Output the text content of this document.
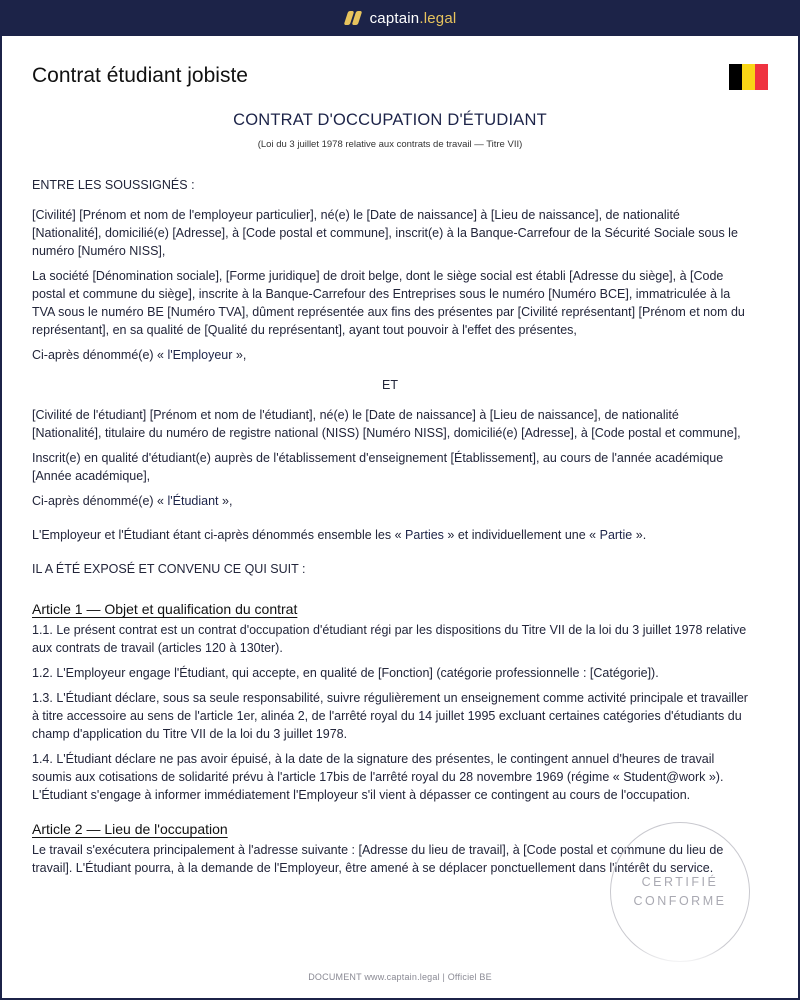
captain.legal
Contrat étudiant jobiste
CONTRAT D'OCCUPATION D'ÉTUDIANT
(Loi du 3 juillet 1978 relative aux contrats de travail — Titre VII)
ENTRE LES SOUSSIGNÉS :
[Civilité] [Prénom et nom de l'employeur particulier], né(e) le [Date de naissance] à [Lieu de naissance], de nationalité [Nationalité], domicilié(e) [Adresse], à [Code postal et commune], inscrit(e) à la Banque-Carrefour de la Sécurité Sociale sous le numéro [Numéro NISS],
La société [Dénomination sociale], [Forme juridique] de droit belge, dont le siège social est établi [Adresse du siège], à [Code postal et commune du siège], inscrite à la Banque-Carrefour des Entreprises sous le numéro [Numéro BCE], immatriculée à la TVA sous le numéro BE [Numéro TVA], dûment représentée aux fins des présentes par [Civilité représentant] [Prénom et nom du représentant], en sa qualité de [Qualité du représentant], ayant tout pouvoir à l'effet des présentes,
Ci-après dénommé(e) « l'Employeur »,
ET
[Civilité de l'étudiant] [Prénom et nom de l'étudiant], né(e) le [Date de naissance] à [Lieu de naissance], de nationalité [Nationalité], titulaire du numéro de registre national (NISS) [Numéro NISS], domicilié(e) [Adresse], à [Code postal et commune],
Inscrit(e) en qualité d'étudiant(e) auprès de l'établissement d'enseignement [Établissement], au cours de l'année académique [Année académique],
Ci-après dénommé(e) « l'Étudiant »,
L'Employeur et l'Étudiant étant ci-après dénommés ensemble les « Parties » et individuellement une « Partie ».
IL A ÉTÉ EXPOSÉ ET CONVENU CE QUI SUIT :
Article 1 — Objet et qualification du contrat
1.1. Le présent contrat est un contrat d'occupation d'étudiant régi par les dispositions du Titre VII de la loi du 3 juillet 1978 relative aux contrats de travail (articles 120 à 130ter).
1.2. L'Employeur engage l'Étudiant, qui accepte, en qualité de [Fonction] (catégorie professionnelle : [Catégorie]).
1.3. L'Étudiant déclare, sous sa seule responsabilité, suivre régulièrement un enseignement comme activité principale et travailler à titre accessoire au sens de l'article 1er, alinéa 2, de l'arrêté royal du 14 juillet 1995 excluant certaines catégories d'étudiants du champ d'application du Titre VII de la loi du 3 juillet 1978.
1.4. L'Étudiant déclare ne pas avoir épuisé, à la date de la signature des présentes, le contingent annuel d'heures de travail soumis aux cotisations de solidarité prévu à l'article 17bis de l'arrêté royal du 28 novembre 1969 (régime « Student@work »). L'Étudiant s'engage à informer immédiatement l'Employeur s'il vient à dépasser ce contingent au cours de l'occupation.
Article 2 — Lieu de l'occupation
Le travail s'exécutera principalement à l'adresse suivante : [Adresse du lieu de travail], à [Code postal et commune du lieu de travail]. L'Étudiant pourra, à la demande de l'Employeur, être amené à se déplacer ponctuellement dans l'intérêt du service.
CERTIFIÉ
CONFORME
DOCUMENT www.captain.legal | Officiel BE
